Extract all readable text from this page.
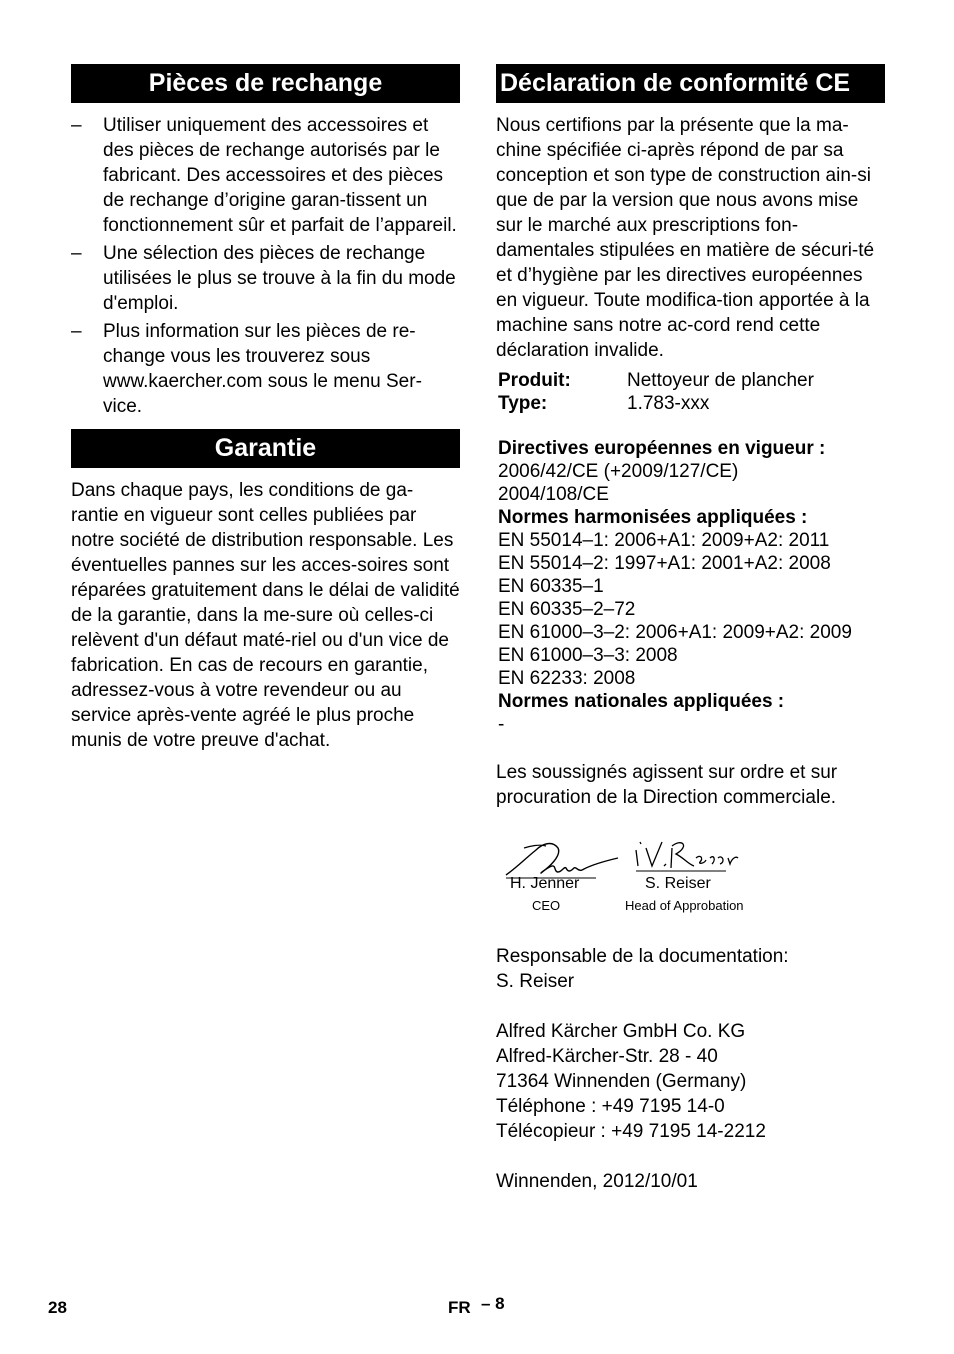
Pièces de rechange
– Utiliser uniquement des accessoires et des pièces de rechange autorisés par le fabricant. Des accessoires et des pièces de rechange d’origine garan-tissent un fonctionnement sûr et parfait de l’appareil.
– Une sélection des pièces de rechange utilisées le plus se trouve à la fin du mode d'emploi.
– Plus information sur les pièces de re-change vous les trouverez sous www.kaercher.com sous le menu Ser-vice.
Garantie

Dans chaque pays, les conditions de ga-rantie en vigueur sont celles publiées par notre société de distribution responsable. Les éventuelles pannes sur les acces-soires sont réparées gratuitement dans le délai de validité de la garantie, dans la me-sure où celles-ci relèvent d'un défaut maté-riel ou d'un vice de fabrication. En cas de recours en garantie, adressez-vous à votre revendeur ou au service après-vente agréé le plus proche munis de votre preuve d'achat.

Déclaration de conformité CE

Nous certifions par la présente que la ma-chine spécifiée ci-après répond de par sa conception et son type de construction ain-si que de par la version que nous avons mise sur le marché aux prescriptions fon-damentales stipulées en matière de sécuri-té et d’hygiène par les directives européennes en vigueur. Toute modifica-tion apportée à la machine sans notre ac-cord rend cette déclaration invalide.

Produit:	Nettoyeur de plancher
Type:	1.783-xxx
Directives européennes en vigueur :
2006/42/CE (+2009/127/CE)
2004/108/CE
Normes harmonisées appliquées :
EN 55014–1: 2006+A1: 2009+A2: 2011
EN 55014–2: 1997+A1: 2001+A2: 2008
EN 60335–1
EN 60335–2–72
EN 61000–3–2: 2006+A1: 2009+A2: 2009
EN 61000–3–3: 2008
EN 62233: 2008
Normes nationales appliquées :
-

Les soussignés agissent sur ordre et sur procuration de la Direction commerciale.

H. Jenner
CEO
S. Reiser
Head of Approbation
Responsable de la documentation:
S. Reiser
Alfred Kärcher GmbH Co. KG
Alfred-Kärcher-Str. 28 - 40
71364 Winnenden (Germany)
Téléphone : +49 7195 14-0
Télécopieur : +49 7195 14-2212
Winnenden, 2012/10/01
28	FR – 8
